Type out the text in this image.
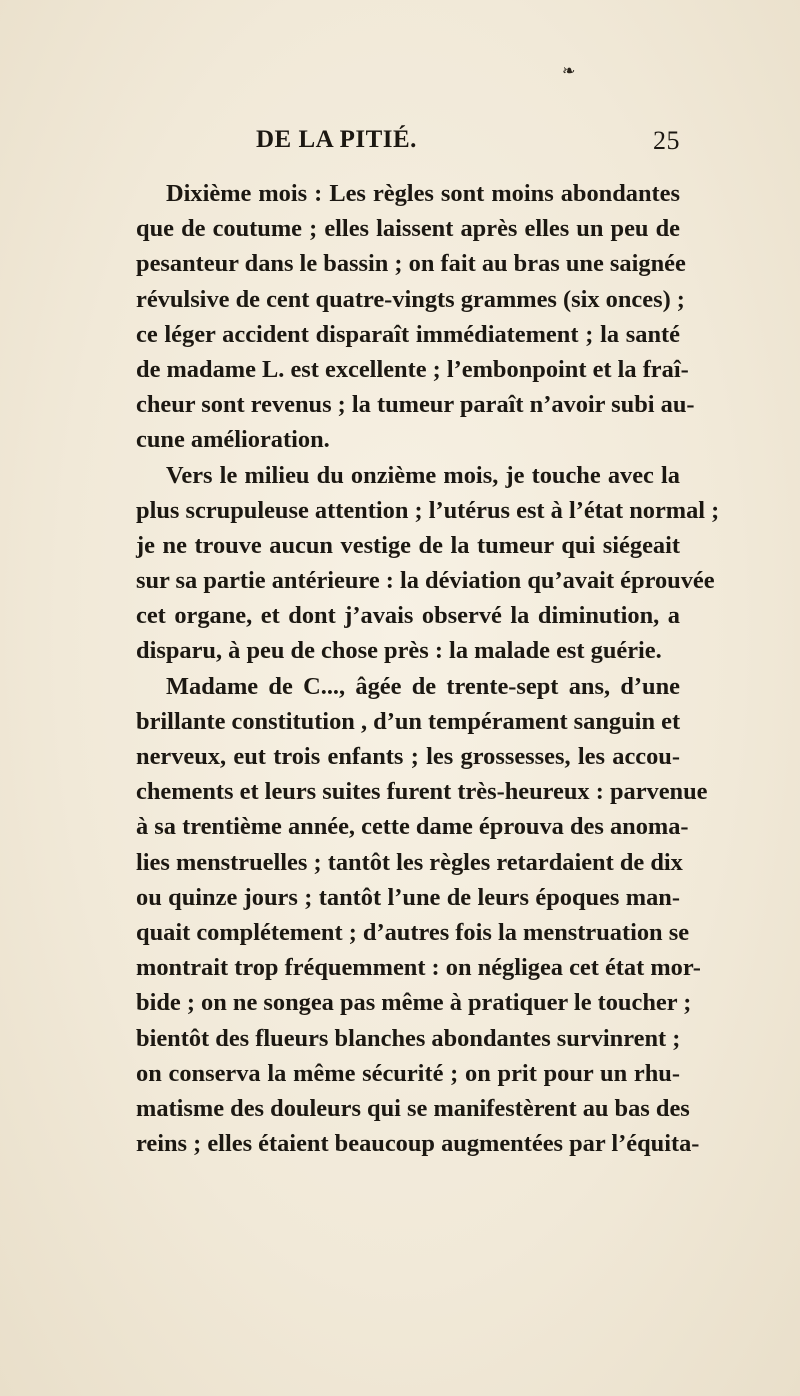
❧
DE LA PITIÉ.	25
Dixième mois : Les règles sont moins abondantes
que de coutume ; elles laissent après elles un peu de
pesanteur dans le bassin ; on fait au bras une saignée
révulsive de cent quatre-vingts grammes (six onces) ;
ce léger accident disparaît immédiatement ; la santé
de madame L. est excellente ; l’embonpoint et la fraî-
cheur sont revenus ; la tumeur paraît n’avoir subi au-
cune amélioration.
Vers le milieu du onzième mois, je touche avec la
plus scrupuleuse attention ; l’utérus est à l’état normal ;
je ne trouve aucun vestige de la tumeur qui siégeait
sur sa partie antérieure : la déviation qu’avait éprouvée
cet organe, et dont j’avais observé la diminution, a
disparu, à peu de chose près : la malade est guérie.
Madame de C..., âgée de trente-sept ans, d’une
brillante constitution , d’un tempérament sanguin et
nerveux, eut trois enfants ; les grossesses, les accou-
chements et leurs suites furent très-heureux : parvenue
à sa trentième année, cette dame éprouva des anoma-
lies menstruelles ; tantôt les règles retardaient de dix
ou quinze jours ; tantôt l’une de leurs époques man-
quait complétement ; d’autres fois la menstruation se
montrait trop fréquemment : on négligea cet état mor-
bide ; on ne songea pas même à pratiquer le toucher ;
bientôt des flueurs blanches abondantes survinrent ;
on conserva la même sécurité ; on prit pour un rhu-
matisme des douleurs qui se manifestèrent au bas des
reins ; elles étaient beaucoup augmentées par l’équita-
